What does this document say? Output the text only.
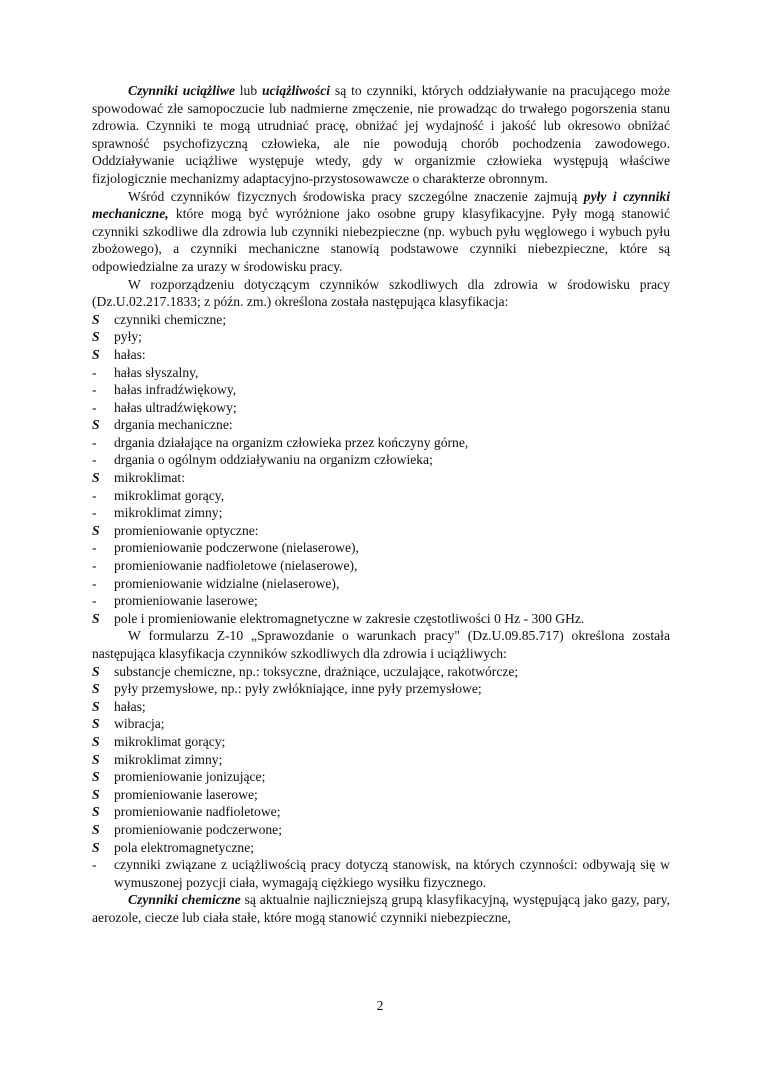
Czynniki uciążliwe lub uciążliwości są to czynniki, których oddziaływanie na pracującego może spowodować złe samopoczucie lub nadmierne zmęczenie, nie prowadząc do trwałego pogorszenia stanu zdrowia. Czynniki te mogą utrudniać pracę, obniżać jej wydajność i jakość lub okresowo obniżać sprawność psychofizyczną człowieka, ale nie powodują chorób pochodzenia zawodowego. Oddziaływanie uciążliwe występuje wtedy, gdy w organizmie człowieka występują właściwe fizjologicznie mechanizmy adaptacyjno-przystosowawcze o charakterze obronnym.

Wśród czynników fizycznych środowiska pracy szczególne znaczenie zajmują pyły i czynniki mechaniczne, które mogą być wyróżnione jako osobne grupy klasyfikacyjne. Pyły mogą stanowić czynniki szkodliwe dla zdrowia lub czynniki niebezpieczne (np. wybuch pyłu węglowego i wybuch pyłu zbożowego), a czynniki mechaniczne stanowią podstawowe czynniki niebezpieczne, które są odpowiedzialne za urazy w środowisku pracy.

W rozporządzeniu dotyczącym czynników szkodliwych dla zdrowia w środowisku pracy (Dz.U.02.217.1833; z późn. zm.) określona została następująca klasyfikacja:

S	czynniki chemiczne;
S	pyły;
S	hałas:
-	hałas słyszalny,
-	hałas infradźwiękowy,
-	hałas ultradźwiękowy;
S	drgania mechaniczne:
-	drgania działające na organizm człowieka przez kończyny górne,
-	drgania o ogólnym oddziaływaniu na organizm człowieka;
S	mikroklimat:
-	mikroklimat gorący,
-	mikroklimat zimny;
S	promieniowanie optyczne:
-	promieniowanie podczerwone (nielaserowe),
-	promieniowanie nadfioletowe (nielaserowe),
-	promieniowanie widzialne (nielaserowe),
-	promieniowanie laserowe;
S	pole i promieniowanie elektromagnetyczne w zakresie częstotliwości 0 Hz - 300 GHz.

W formularzu Z-10 „Sprawozdanie o warunkach pracy" (Dz.U.09.85.717) określona została następująca klasyfikacja czynników szkodliwych dla zdrowia i uciążliwych:

S	substancje chemiczne, np.: toksyczne, drażniące, uczulające, rakotwórcze;
S	pyły przemysłowe, np.: pyły zwłókniające, inne pyły przemysłowe;
S	hałas;
S	wibracja;
S	mikroklimat gorący;
S	mikroklimat zimny;
S	promieniowanie jonizujące;
S	promieniowanie laserowe;
S	promieniowanie nadfioletowe;
S	promieniowanie podczerwone;
S	pola elektromagnetyczne;
-	czynniki związane z uciążliwością pracy dotyczą stanowisk, na których czynności: odbywają się w wymuszonej pozycji ciała, wymagają ciężkiego wysiłku fizycznego.

Czynniki chemiczne są aktualnie najliczniejszą grupą klasyfikacyjną, występującą jako gazy, pary, aerozole, ciecze lub ciała stałe, które mogą stanowić czynniki niebezpieczne,

2
